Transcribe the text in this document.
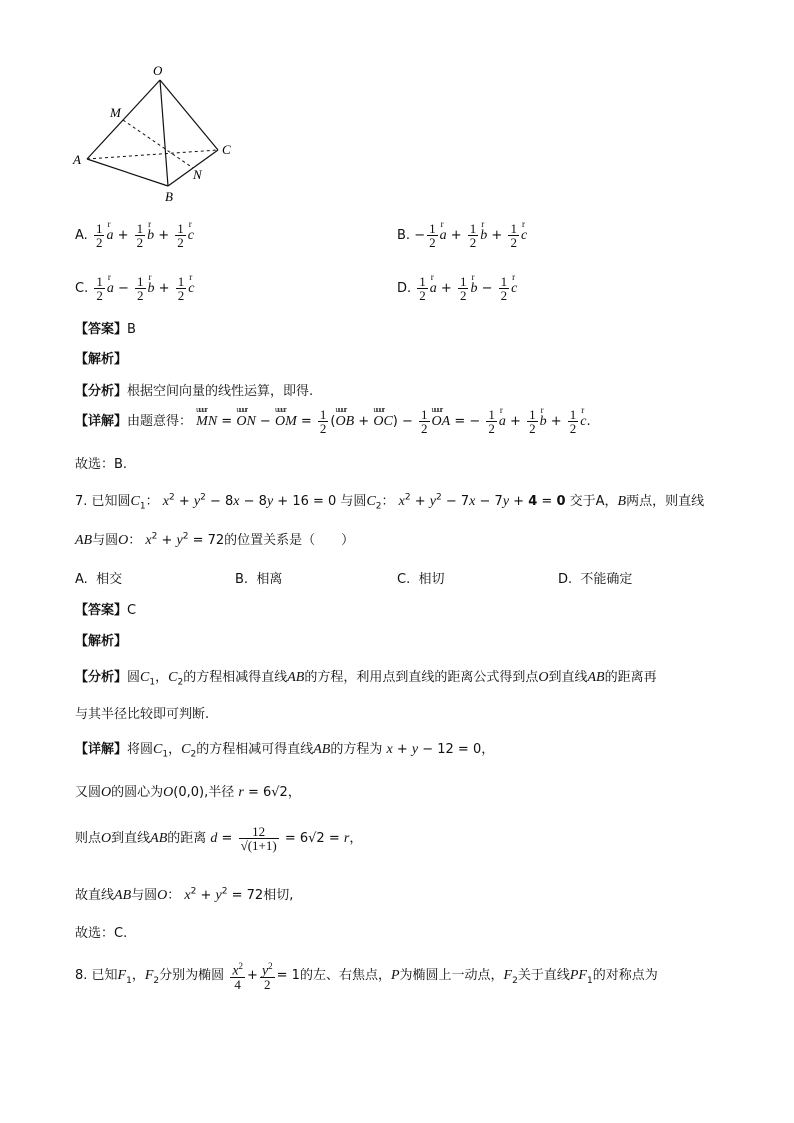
O
M
A
C
N
B
A. $\frac{1}{2}$ r $a + \frac{1}{2}$ r $b + \frac{1}{2}$ r c	B. − $\frac{1}{2}$ r $a + \frac{1}{2}$ r $b + \frac{1}{2}$ r c
C. $\frac{1}{2}$ r $a - \frac{1}{2}$ r $b + \frac{1}{2}$ r c	D. $\frac{1}{2}$ r $a + \frac{1}{2}$ r $b - \frac{1}{2}$ r c
【答案】B
【解析】
【分析】根据空间向量的线性运算，即得.
【详解】由题意得： uuur MN = uuur ON − uuur OM = $\frac{1}{2}$ (uuur OB + uuur $OC) - \frac{1}{2}$ uuur OA = − $\frac{1}{2}$ r $a + \frac{1}{2}$ r $b + \frac{1}{2}$ r c.
故选：B.
7. 已知圆$C_1$： $x^2 + y^2 - 8x - 8y + 16 = 0$ 与圆$C_2$： $x^2 + y^2 - 7x - 7y + 4 = 0$ 交于A，B两点，则直线
AB与圆O： $x^2 + y^2 = 72$的位置关系是（　　）
A. 相交	B. 相离	C. 相切	D. 不能确定
【答案】C
【解析】
【分析】圆$C_1$，$C_2$的方程相减得直线AB的方程，利用点到直线的距离公式得到点O到直线AB的距离再
与其半径比较即可判断.
【详解】将圆$C_1$，$C_2$的方程相减可得直线AB的方程为 x + y − 12 = 0，
又圆O的圆心为O(0,0),半径 r = 6√2，
则点O到直线AB的距离 $d = \frac{12}{√(1+1)} = 6√2 = r$，
故直线AB与圆O： $x^2 + y^2 = 72$相切,
故选：C.
8. 已知$F_1$，$F_2$分别为椭圆 $\frac{x^2}{4} + \frac{y^2}{2} = 1$的左、右焦点，P为椭圆上一动点，$F_2$关于直线$PF_1$的对称点为
